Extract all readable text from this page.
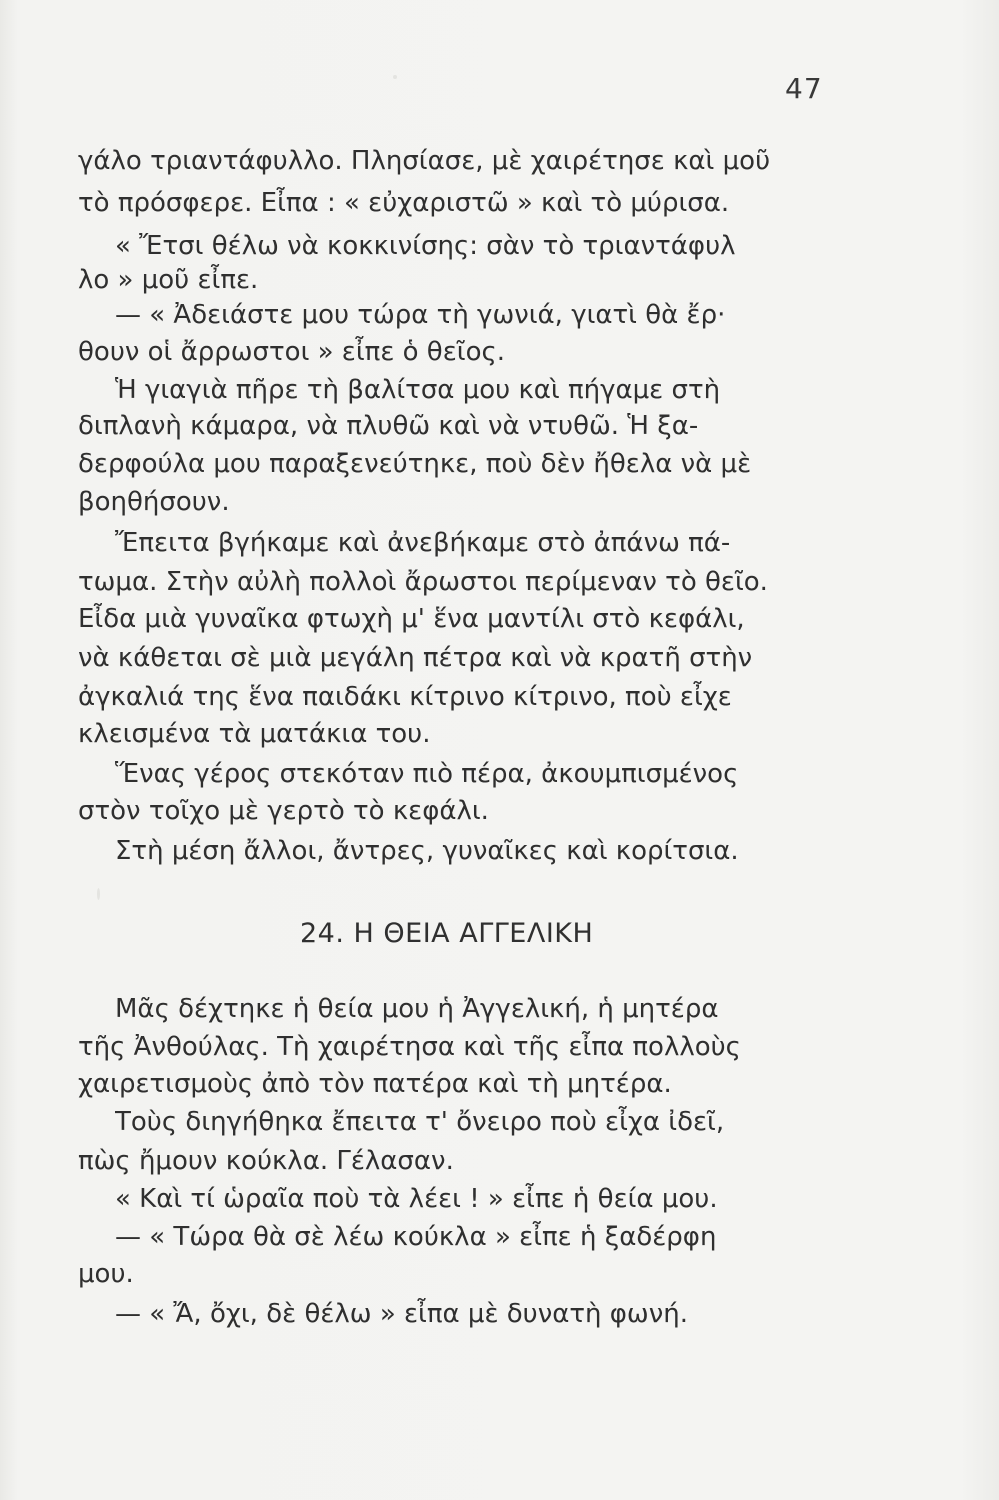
47
γάλο τριαντάφυλλο. Πλησίασε, μὲ χαιρέτησε καὶ μοῦ
τὸ πρόσφερε. Εἶπα : « εὐχαριστῶ » καὶ τὸ μύρισα.
« Ἔτσι θέλω νὰ κοκκινίσης: σὰν τὸ τριαντάφυλ
λο » μοῦ εἶπε.
— « Ἀδειάστε μου τώρα τὴ γωνιά, γιατὶ θὰ ἔρ·
θουν οἱ ἄρρωστοι » εἶπε ὁ θεῖος.
Ἡ γιαγιὰ πῆρε τὴ βαλίτσα μου καὶ πήγαμε στὴ
διπλανὴ κάμαρα, νὰ πλυθῶ καὶ νὰ ντυθῶ. Ἡ ξα-
δερφούλα μου παραξενεύτηκε, ποὺ δὲν ἤθελα νὰ μὲ
βοηθήσουν.
Ἔπειτα βγήκαμε καὶ ἀνεβήκαμε στὸ ἀπάνω πά-
τωμα. Στὴν αὐλὴ πολλοὶ ἄρωστοι περίμεναν τὸ θεῖο.
Εἶδα μιὰ γυναῖκα φτωχὴ μ' ἕνα μαντίλι στὸ κεφάλι,
νὰ κάθεται σὲ μιὰ μεγάλη πέτρα καὶ νὰ κρατῆ στὴν
ἀγκαλιά της ἕνα παιδάκι κίτρινο κίτρινο, ποὺ εἶχε
κλεισμένα τὰ ματάκια του.
Ἕνας γέρος στεκόταν πιὸ πέρα, ἀκουμπισμένος
στὸν τοῖχο μὲ γερτὸ τὸ κεφάλι.
Στὴ μέση ἄλλοι, ἄντρες, γυναῖκες καὶ κορίτσια.
24. Η ΘΕΙΑ ΑΓΓΕΛΙΚΗ
Μᾶς δέχτηκε ἡ θεία μου ἡ Ἀγγελική, ἡ μητέρα
τῆς Ἀνθούλας. Τὴ χαιρέτησα καὶ τῆς εἶπα πολλοὺς
χαιρετισμοὺς ἀπὸ τὸν πατέρα καὶ τὴ μητέρα.
Τοὺς διηγήθηκα ἔπειτα τ' ὄνειρο ποὺ εἶχα ἰδεῖ,
πὼς ἤμουν κούκλα. Γέλασαν.
« Καὶ τί ὡραῖα ποὺ τὰ λέει ! » εἶπε ἡ θεία μου.
— « Τώρα θὰ σὲ λέω κούκλα » εἶπε ἡ ξαδέρφη
μου.
— « Ἄ, ὄχι, δὲ θέλω » εἶπα μὲ δυνατὴ φωνή.
